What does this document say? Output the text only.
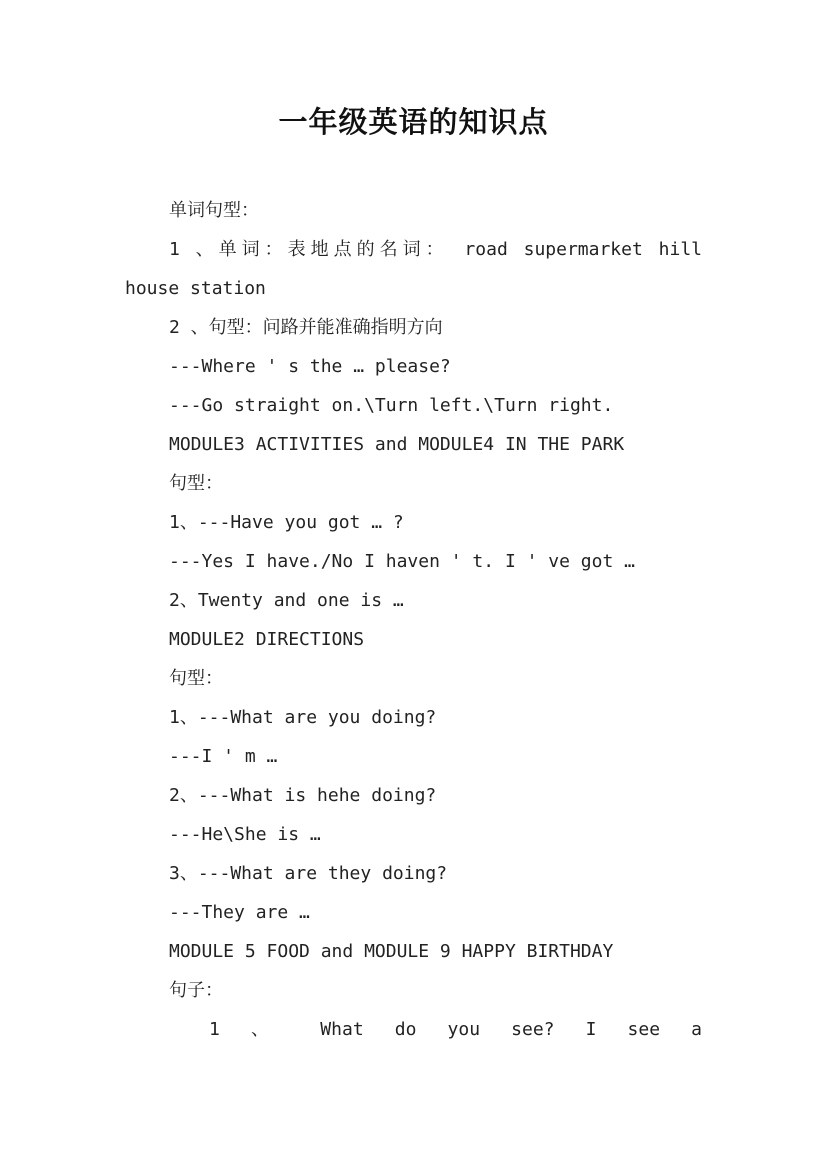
一年级英语的知识点
单词句型：
1 、单词：表地点的名词： road supermarket hill
house station
2 、句型：问路并能准确指明方向
---Where ' s the … please?
---Go straight on.\Turn left.\Turn right.
MODULE3 ACTIVITIES and MODULE4 IN THE PARK
句型：
1、---Have you got … ?
---Yes I have./No I haven ' t. I ' ve got …
2、Twenty and one is …
MODULE2 DIRECTIONS
句型：
1、---What are you doing?
---I ' m …
2、---What is hehe doing?
---He\She is …
3、---What are they doing?
---They are …
MODULE 5 FOOD and MODULE 9 HAPPY BIRTHDAY
句子：
1 、 What do you see? I see a
